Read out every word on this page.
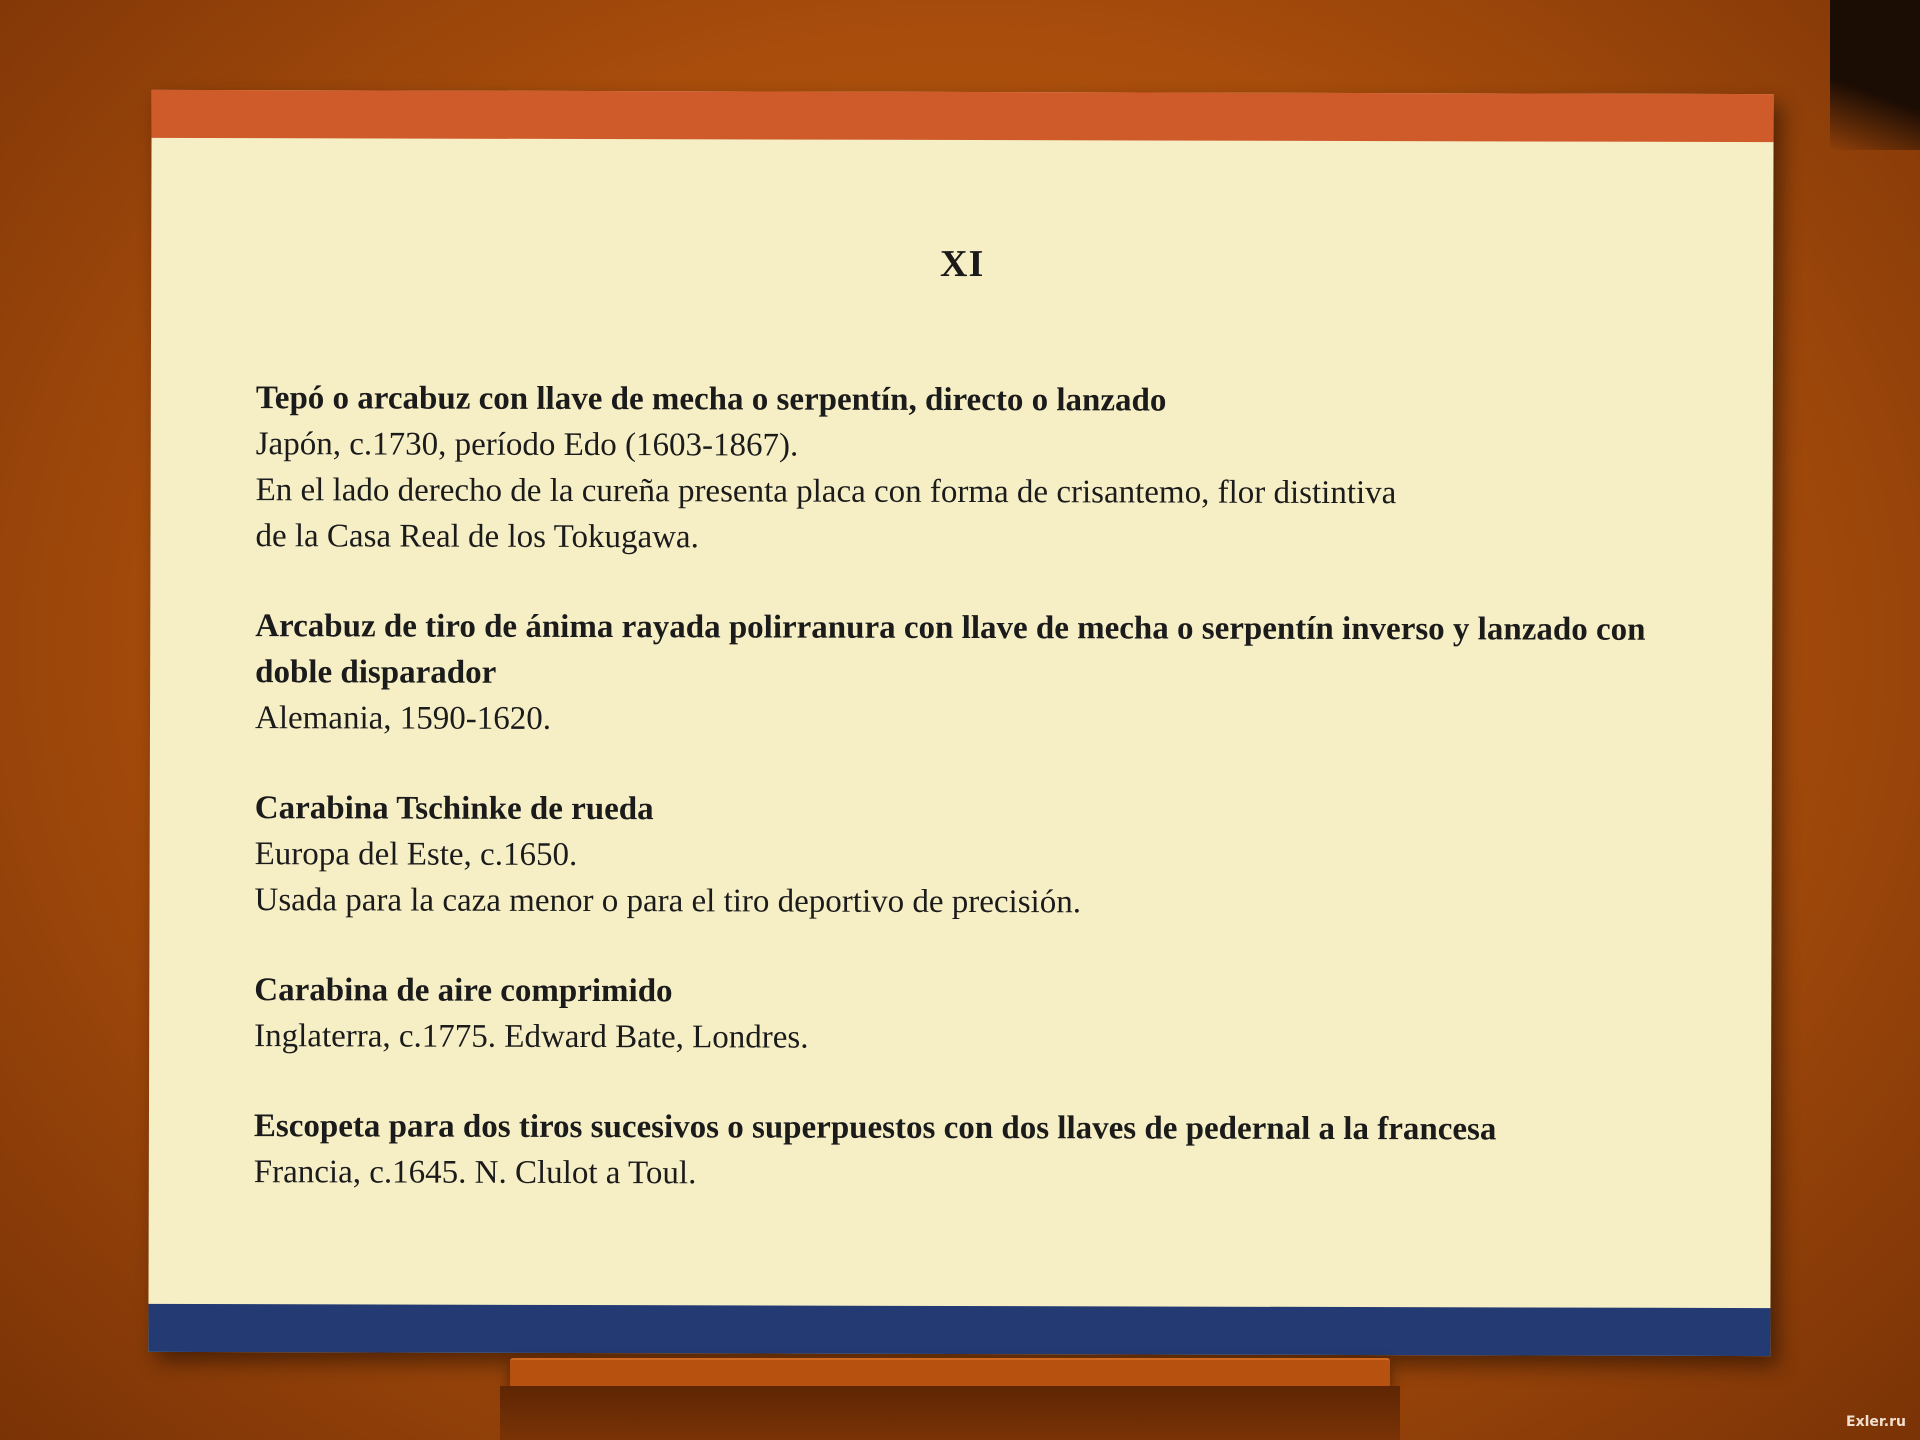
XI
Tepó o arcabuz con llave de mecha o serpentín, directo o lanzado
Japón, c.1730, período Edo (1603-1867).
En el lado derecho de la cureña presenta placa con forma de crisantemo, flor distintiva
de la Casa Real de los Tokugawa.
Arcabuz de tiro de ánima rayada polirranura con llave de mecha o serpentín inverso y lanzado con doble disparador
Alemania, 1590-1620.
Carabina Tschinke de rueda
Europa del Este, c.1650.
Usada para la caza menor o para el tiro deportivo de precisión.
Carabina de aire comprimido
Inglaterra, c.1775. Edward Bate, Londres.
Escopeta para dos tiros sucesivos o superpuestos con dos llaves de pedernal a la francesa
Francia, c.1645. N. Clulot a Toul.
Exler.ru
